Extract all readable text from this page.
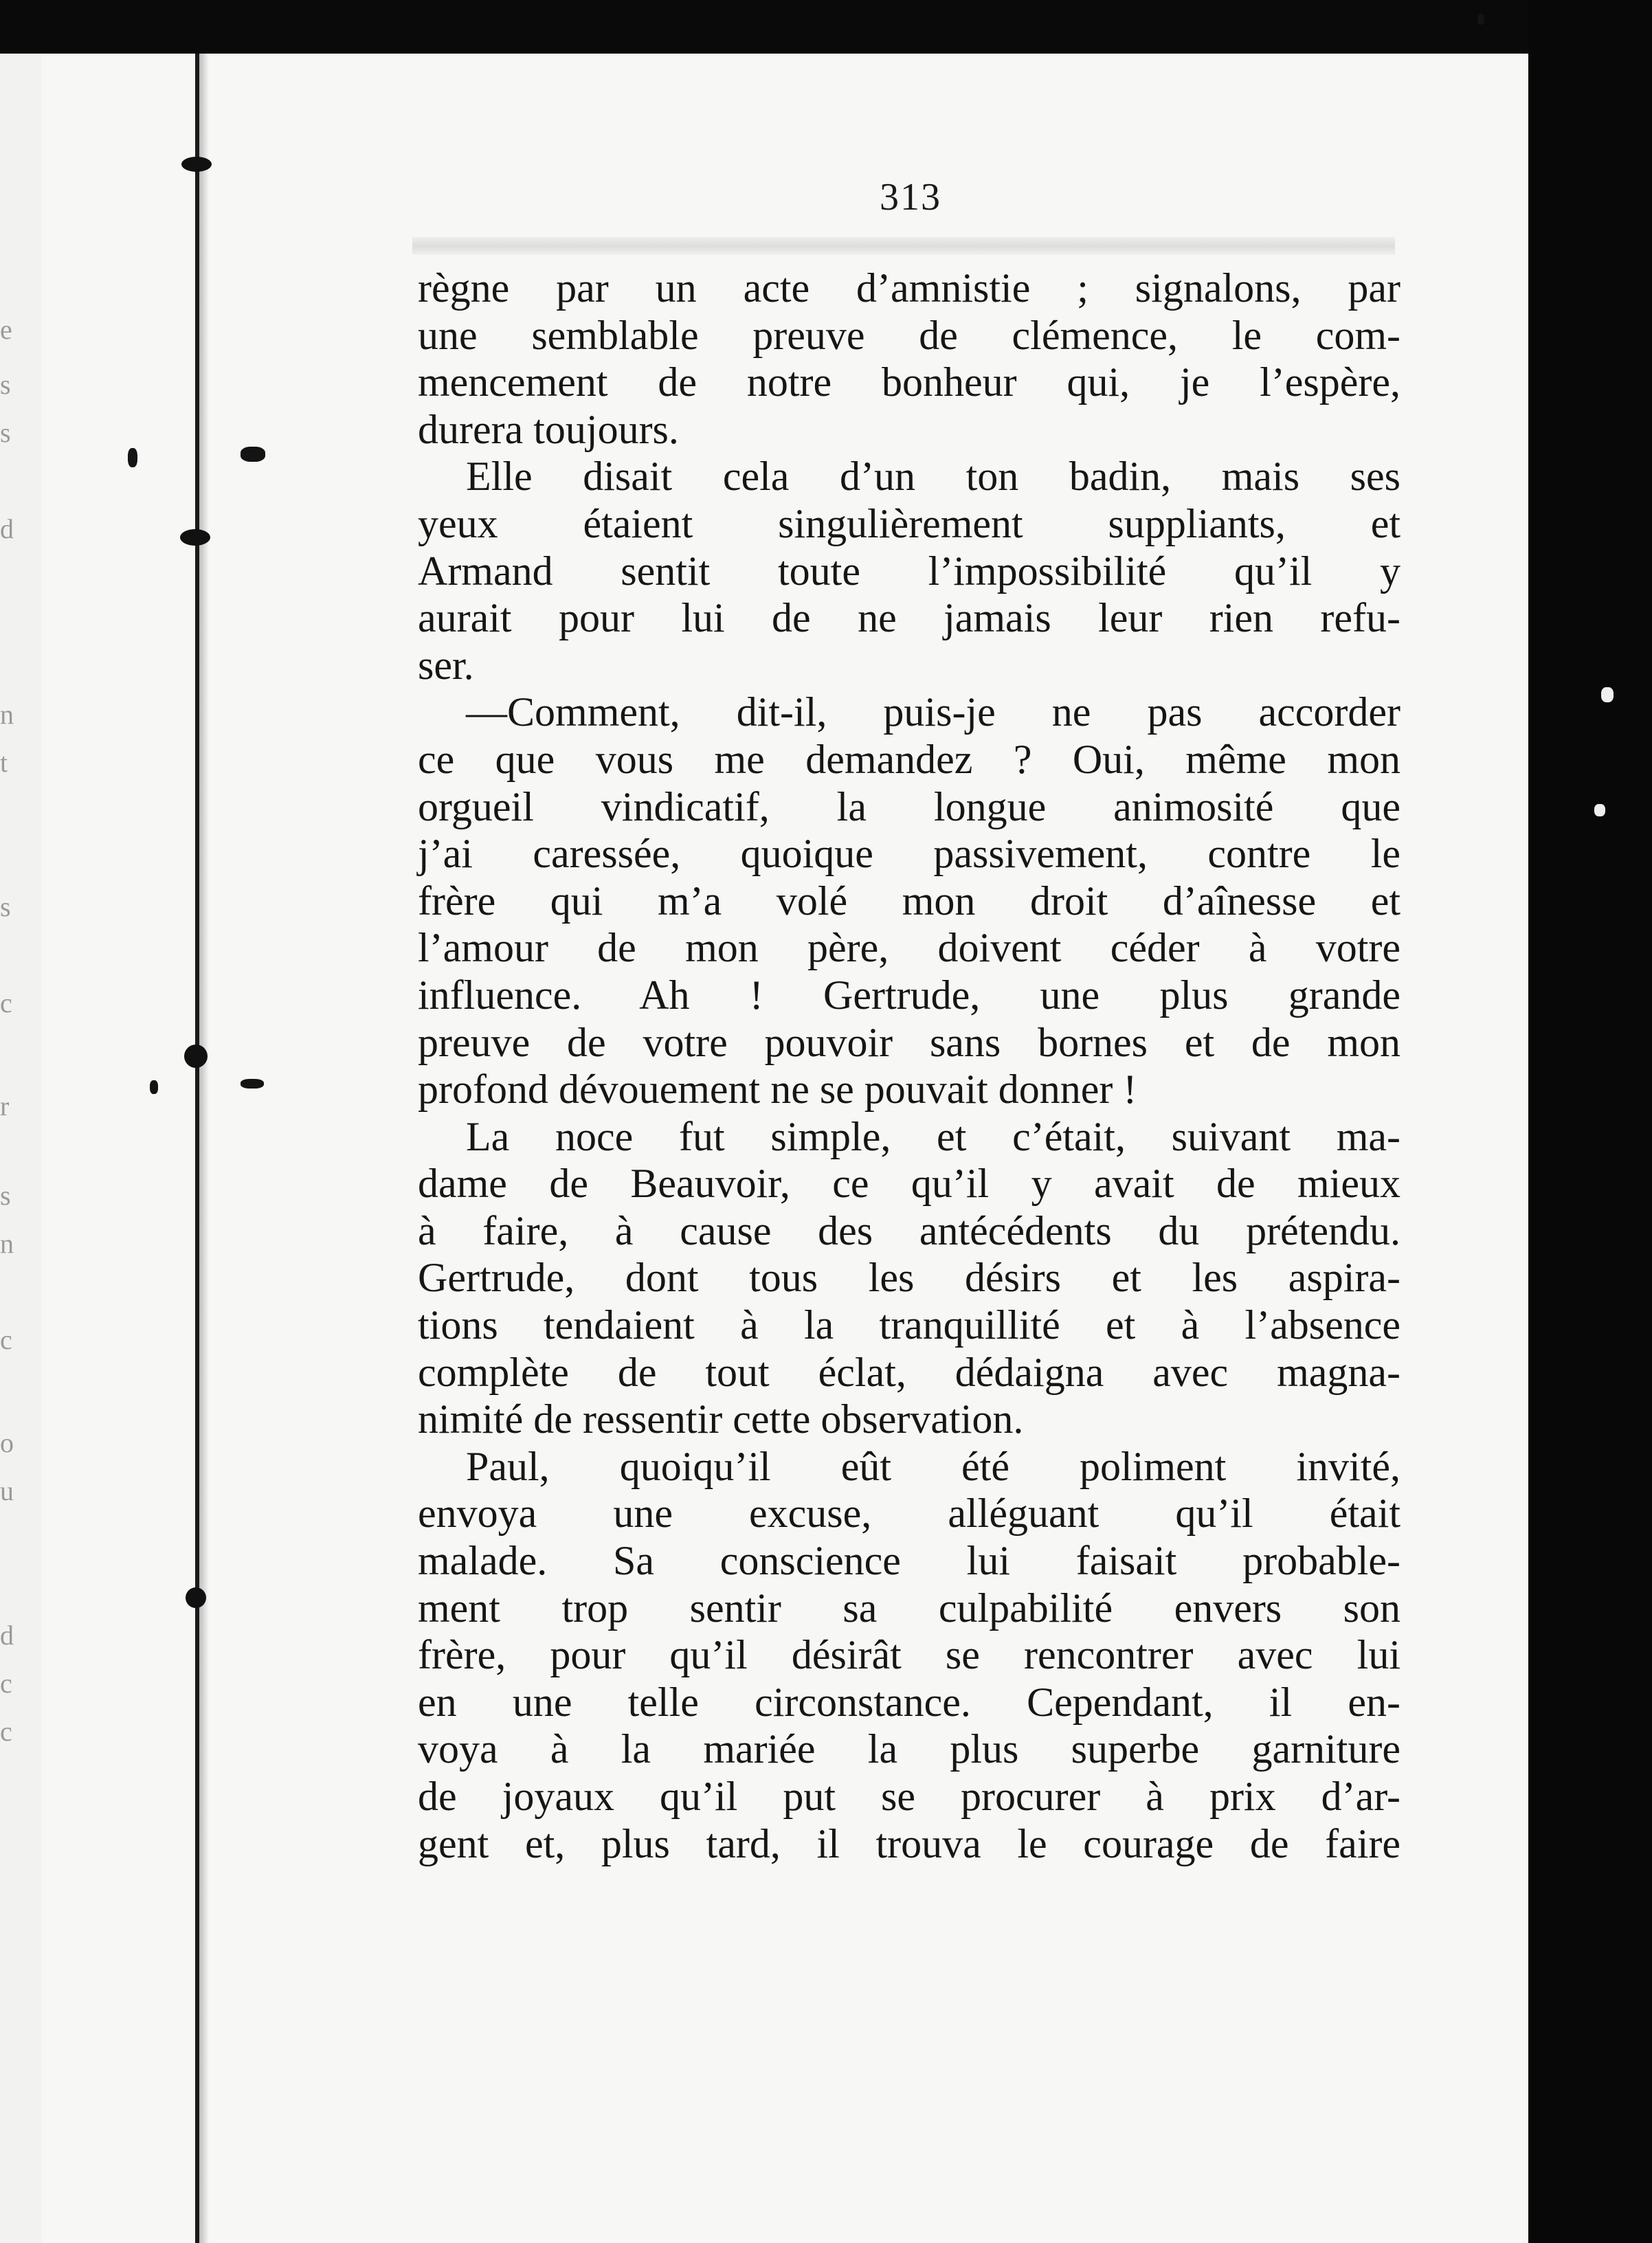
e
s
s
d
n
t
s
c
r
s
n
c
o
u
d
c
c
313
règne par un acte d’amnistie ; signalons, par
une semblable preuve de clémence, le com-
mencement de notre bonheur qui, je l’espère,
durera toujours.
Elle disait cela d’un ton badin, mais ses
yeux étaient singulièrement suppliants, et
Armand sentit toute l’impossibilité qu’il y
aurait pour lui de ne jamais leur rien refu-
ser.
—Comment, dit-il, puis-je ne pas accorder
ce que vous me demandez ? Oui, même mon
orgueil vindicatif, la longue animosité que
j’ai caressée, quoique passivement, contre le
frère qui m’a volé mon droit d’aînesse et
l’amour de mon père, doivent céder à votre
influence. Ah ! Gertrude, une plus grande
preuve de votre pouvoir sans bornes et de mon
profond dévouement ne se pouvait donner !
La noce fut simple, et c’était, suivant ma-
dame de Beauvoir, ce qu’il y avait de mieux
à faire, à cause des antécédents du prétendu.
Gertrude, dont tous les désirs et les aspira-
tions tendaient à la tranquillité et à l’absence
complète de tout éclat, dédaigna avec magna-
nimité de ressentir cette observation.
Paul, quoiqu’il eût été poliment invité,
envoya une excuse, alléguant qu’il était
malade. Sa conscience lui faisait probable-
ment trop sentir sa culpabilité envers son
frère, pour qu’il désirât se rencontrer avec lui
en une telle circonstance. Cependant, il en-
voya à la mariée la plus superbe garniture
de joyaux qu’il put se procurer à prix d’ar-
gent et, plus tard, il trouva le courage de faire
